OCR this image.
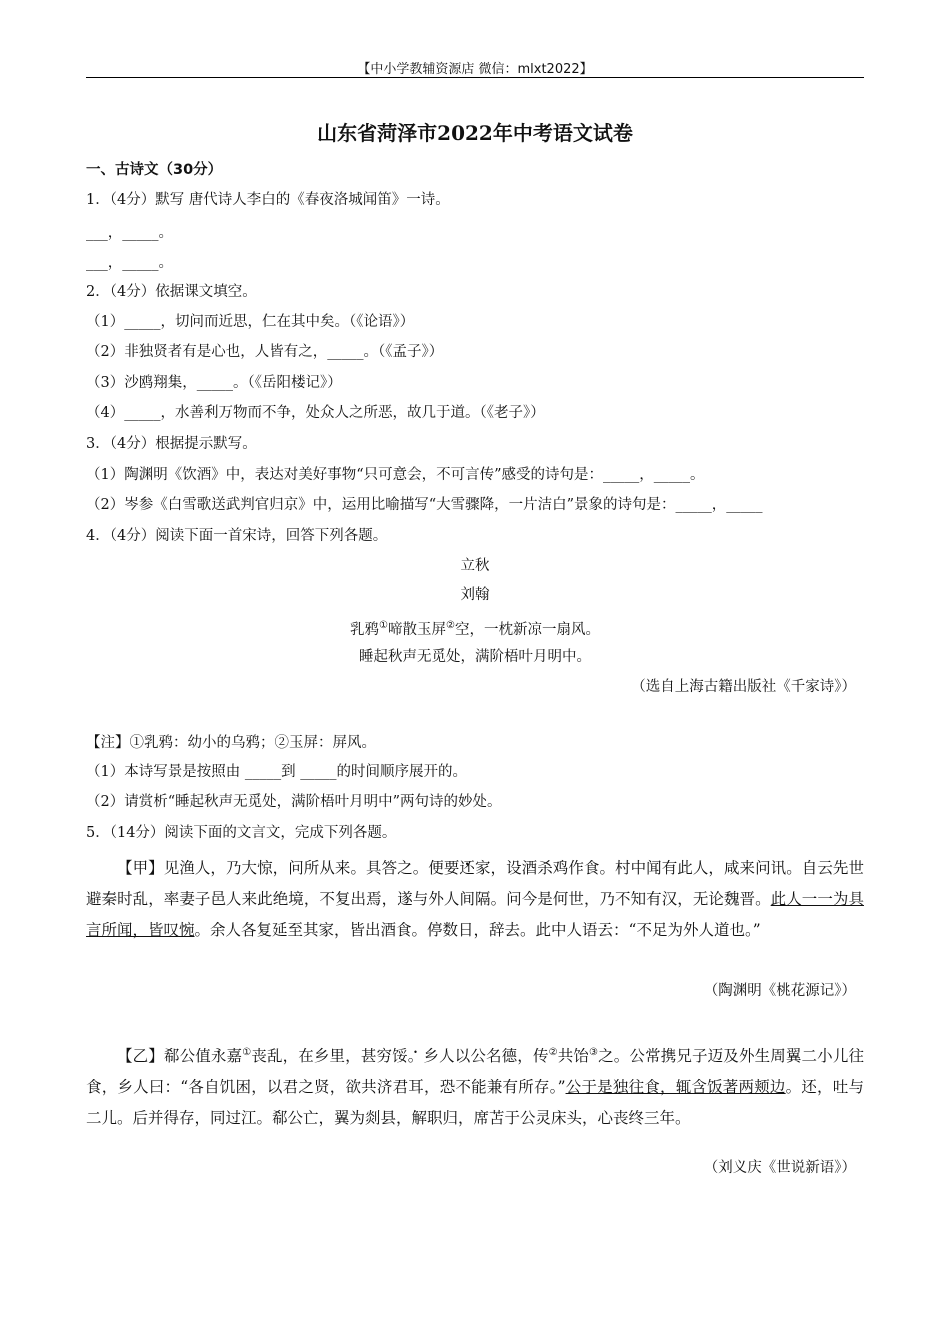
【中小学教辅资源店 微信：mlxt2022】
山东省菏泽市2022年中考语文试卷
一、古诗文（30分）
1．（4分）默写 唐代诗人李白的《春夜洛城闻笛》一诗。
___，_____。
___，_____。
2．（4分）依据课文填空。
（1）_____，切问而近思，仁在其中矣。（《论语》）
（2）非独贤者有是心也，人皆有之，_____。（《孟子》）
（3）沙鸥翔集，_____。（《岳阳楼记》）
（4）_____，水善利万物而不争，处众人之所恶，故几于道。（《老子》）
3．（4分）根据提示默写。
（1）陶渊明《饮酒》中，表达对美好事物“只可意会，不可言传”感受的诗句是：_____，_____。
（2）岑参《白雪歌送武判官归京》中，运用比喻描写“大雪骤降，一片洁白”景象的诗句是：_____，_____
4．（4分）阅读下面一首宋诗，回答下列各题。
立秋
刘翰
乳鸦①啼散玉屏②空，一枕新凉一扇风。
睡起秋声无觅处，满阶梧叶月明中。
（选自上海古籍出版社《千家诗》）
【注】①乳鸦：幼小的乌鸦；②玉屏：屏风。
（1）本诗写景是按照由 _____到 _____的时间顺序展开的。
（2）请赏析“睡起秋声无觅处，满阶梧叶月明中”两句诗的妙处。
5．（14分）阅读下面的文言文，完成下列各题。
【甲】见渔人，乃大惊，问所从来。具答之。便要 •还家，设酒杀鸡作食。村中闻有此人，咸来问讯。自云先世避秦时乱，率妻子邑人来此绝境，不复出焉，遂与外人间隔。问今是何世，乃不知有汉，无论魏晋。此人一一为具言所闻，皆叹惋。余人各复延至其家，皆出酒食。停数日，辞去。此中人语 •云：“不足为外人道也。”
（陶渊明《桃花源记》）
【乙】郗公值 •永嘉①丧乱，在乡里，甚穷馁 •。乡人以公名德，传②共饴③之。公常携兄子迈及外生周翼二小儿往食，乡人曰：“各自饥困，以君之贤，欲共济君耳，恐不能兼有所存。”公于是独往食，辄含饭著两颊边。还，吐与二儿。后并得存，同过江。郗公亡，翼为剡县，解职归，席苫于公灵床头，心丧终三年。
（刘义庆《世说新语》）
